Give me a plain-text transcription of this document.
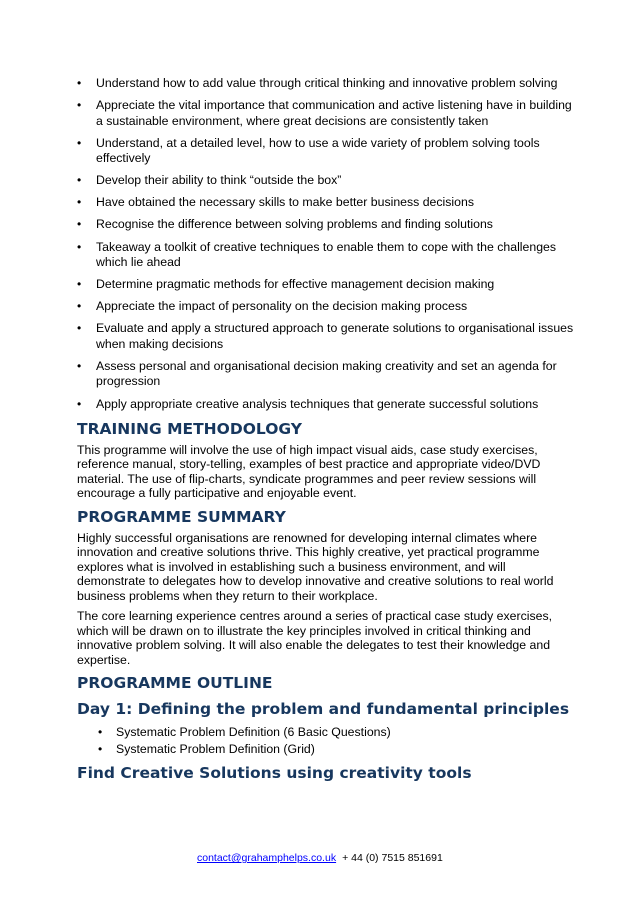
• Understand how to add value through critical thinking and innovative problem solving
• Appreciate the vital importance that communication and active listening have in building a sustainable environment, where great decisions are consistently taken
• Understand, at a detailed level, how to use a wide variety of problem solving tools effectively
• Develop their ability to think “outside the box”
• Have obtained the necessary skills to make better business decisions
• Recognise the difference between solving problems and finding solutions
• Takeaway a toolkit of creative techniques to enable them to cope with the challenges which lie ahead
• Determine pragmatic methods for effective management decision making
• Appreciate the impact of personality on the decision making process
• Evaluate and apply a structured approach to generate solutions to organisational issues when making decisions
• Assess personal and organisational decision making creativity and set an agenda for progression
• Apply appropriate creative analysis techniques that generate successful solutions
TRAINING METHODOLOGY

This programme will involve the use of high impact visual aids, case study exercises, reference manual, story-telling, examples of best practice and appropriate video/DVD material. The use of flip-charts, syndicate programmes and peer review sessions will encourage a fully participative and enjoyable event.

PROGRAMME SUMMARY

Highly successful organisations are renowned for developing internal climates where innovation and creative solutions thrive. This highly creative, yet practical programme explores what is involved in establishing such a business environment, and will demonstrate to delegates how to develop innovative and creative solutions to real world business problems when they return to their workplace.

The core learning experience centres around a series of practical case study exercises, which will be drawn on to illustrate the key principles involved in critical thinking and innovative problem solving. It will also enable the delegates to test their knowledge and expertise.

PROGRAMME OUTLINE
Day 1: Defining the problem and fundamental principles
• Systematic Problem Definition (6 Basic Questions)
• Systematic Problem Definition (Grid)
Find Creative Solutions using creativity tools
contact@grahamphelps.co.uk + 44 (0) 7515 851691
